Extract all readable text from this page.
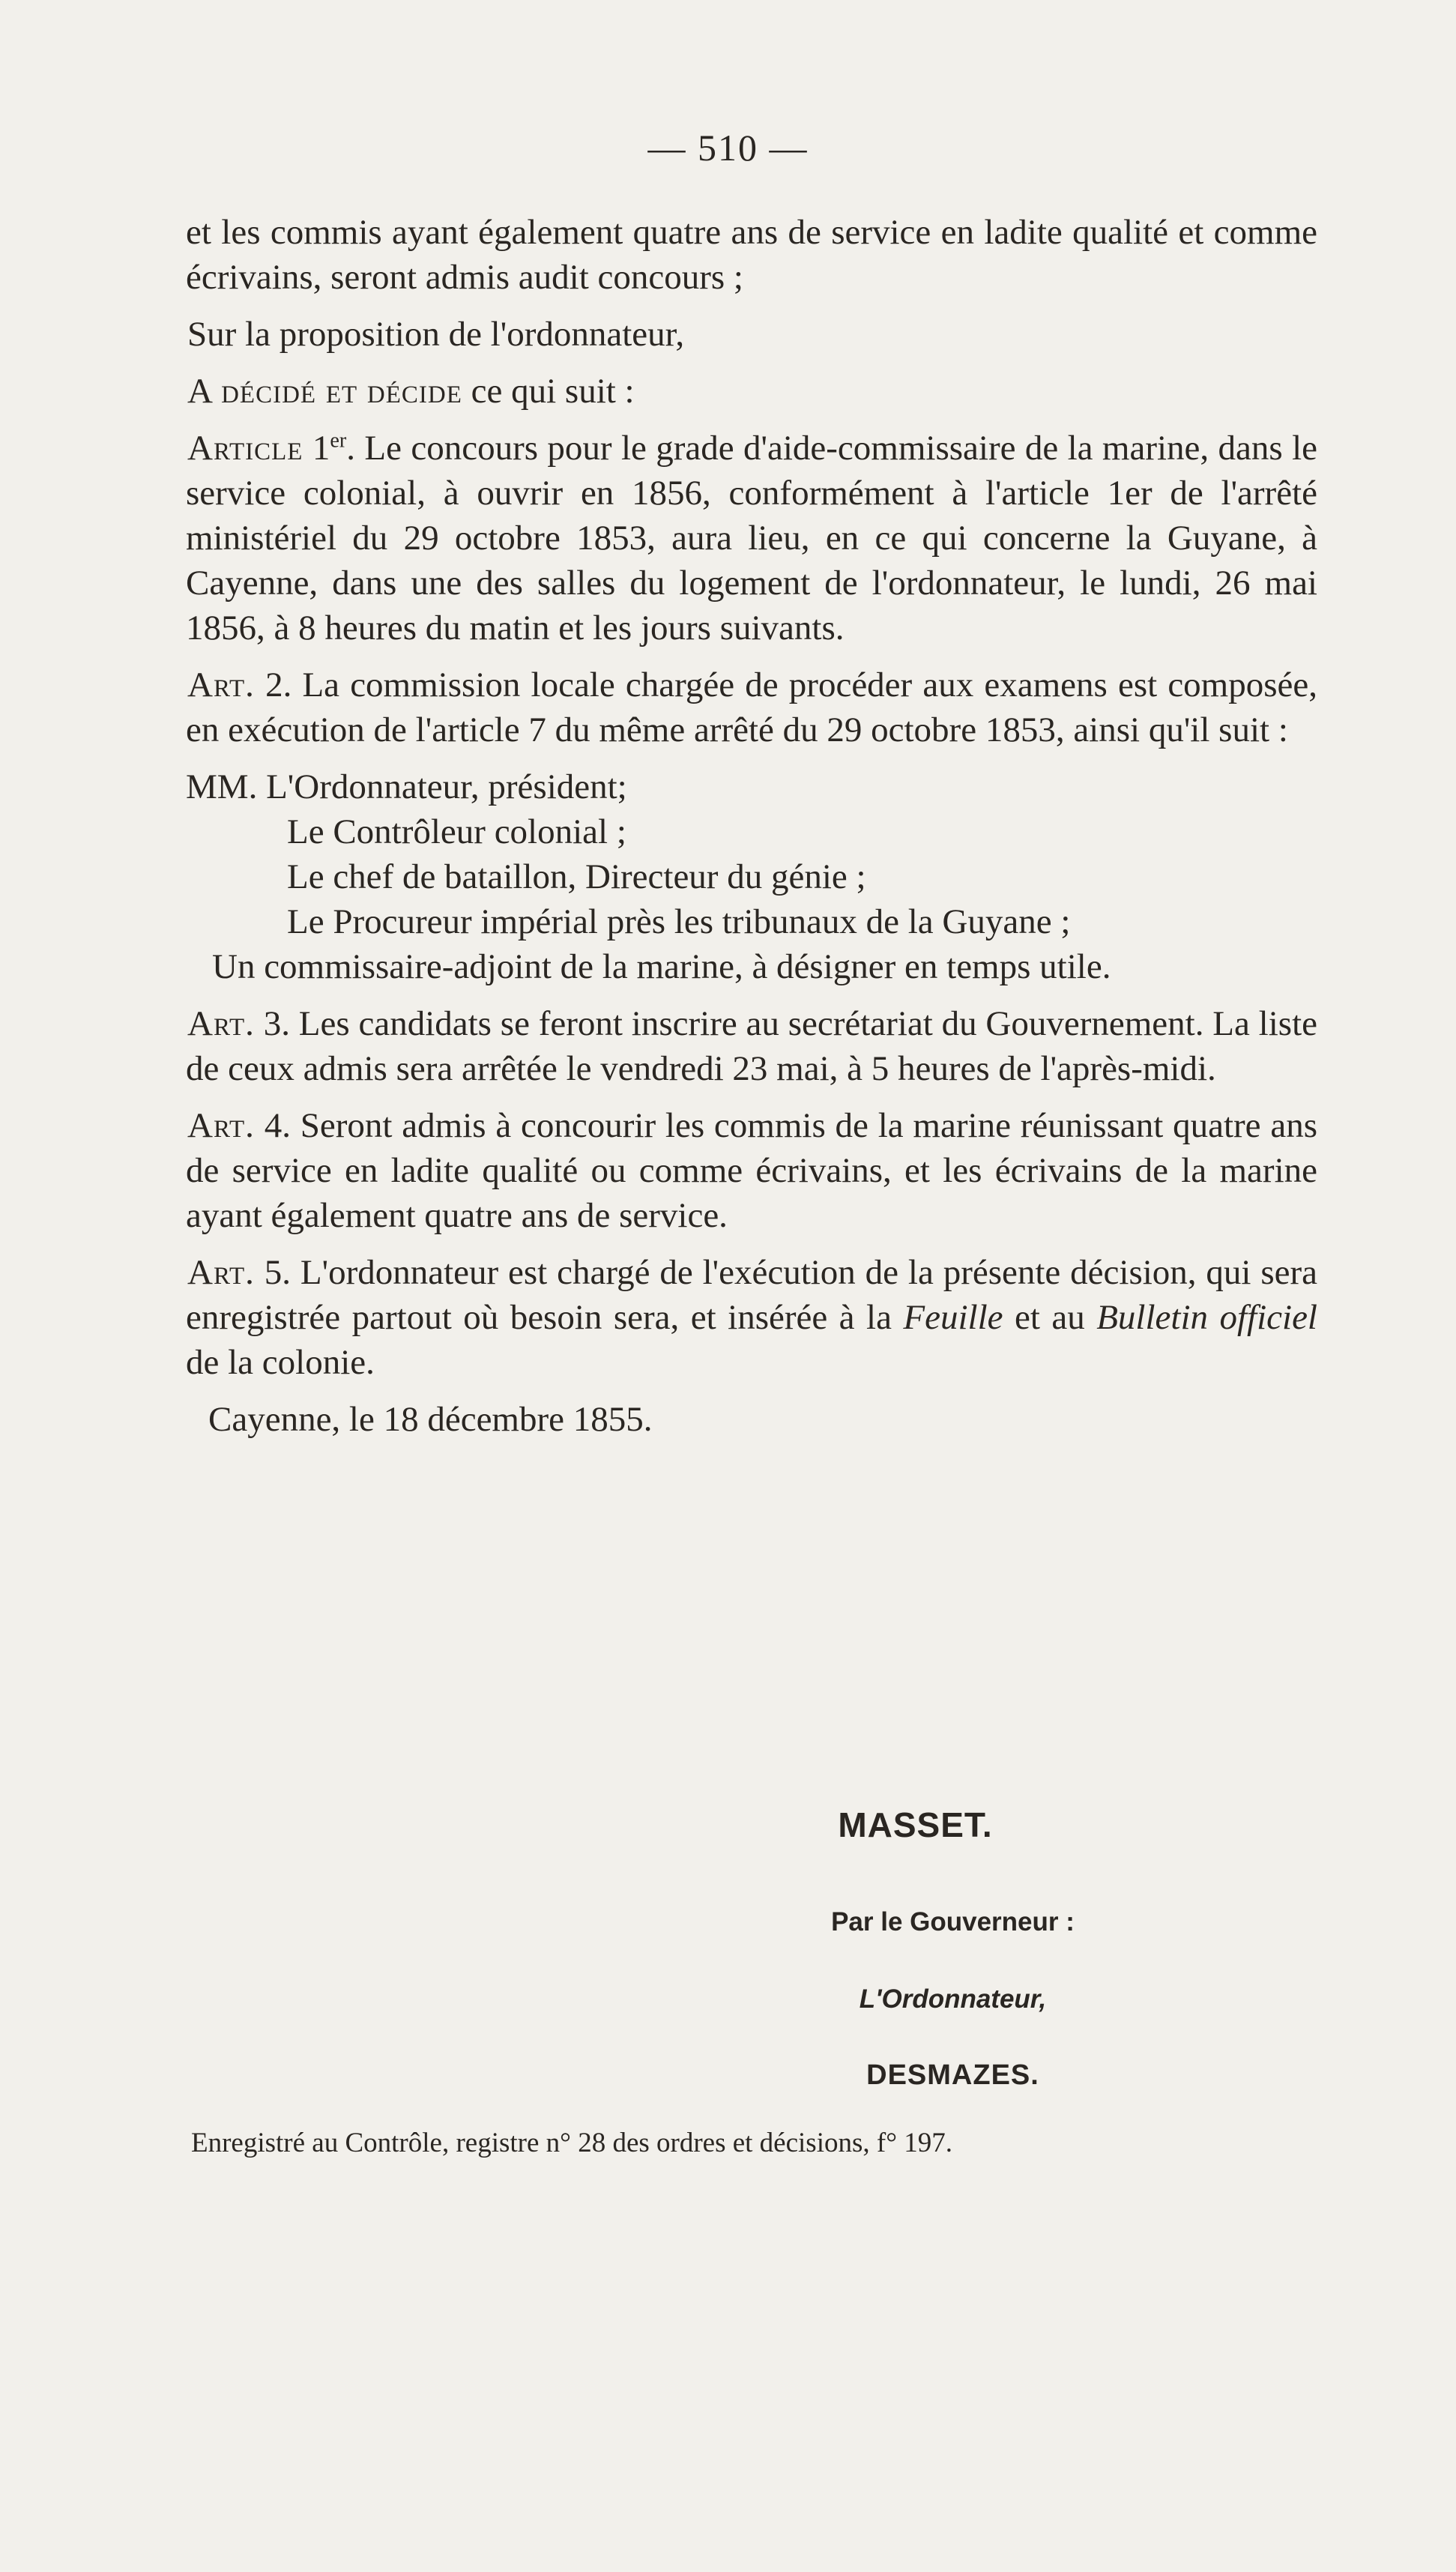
— 510 —

et les commis ayant également quatre ans de service en ladite qualité et comme écrivains, seront admis audit concours ;

Sur la proposition de l'ordonnateur,

A décidé et décide ce qui suit :

Article 1er. Le concours pour le grade d'aide-commissaire de la marine, dans le service colonial, à ouvrir en 1856, conformément à l'article 1er de l'arrêté ministériel du 29 octobre 1853, aura lieu, en ce qui concerne la Guyane, à Cayenne, dans une des salles du logement de l'ordonnateur, le lundi, 26 mai 1856, à 8 heures du matin et les jours suivants.

Art. 2. La commission locale chargée de procéder aux examens est composée, en exécution de l'article 7 du même arrêté du 29 octobre 1853, ainsi qu'il suit :

MM. L'Ordonnateur, président;

Le Contrôleur colonial ;

Le chef de bataillon, Directeur du génie ;

Le Procureur impérial près les tribunaux de la Guyane ;

Un commissaire-adjoint de la marine, à désigner en temps utile.

Art. 3. Les candidats se feront inscrire au secrétariat du Gouvernement. La liste de ceux admis sera arrêtée le vendredi 23 mai, à 5 heures de l'après-midi.

Art. 4. Seront admis à concourir les commis de la marine réunissant quatre ans de service en ladite qualité ou comme écrivains, et les écrivains de la marine ayant également quatre ans de service.

Art. 5. L'ordonnateur est chargé de l'exécution de la présente décision, qui sera enregistrée partout où besoin sera, et insérée à la Feuille et au Bulletin officiel de la colonie.

Cayenne, le 18 décembre 1855.

MASSET.
Par le Gouverneur :
L'Ordonnateur,
DESMAZES.
Enregistré au Contrôle, registre n° 28 des ordres et décisions, f° 197.
